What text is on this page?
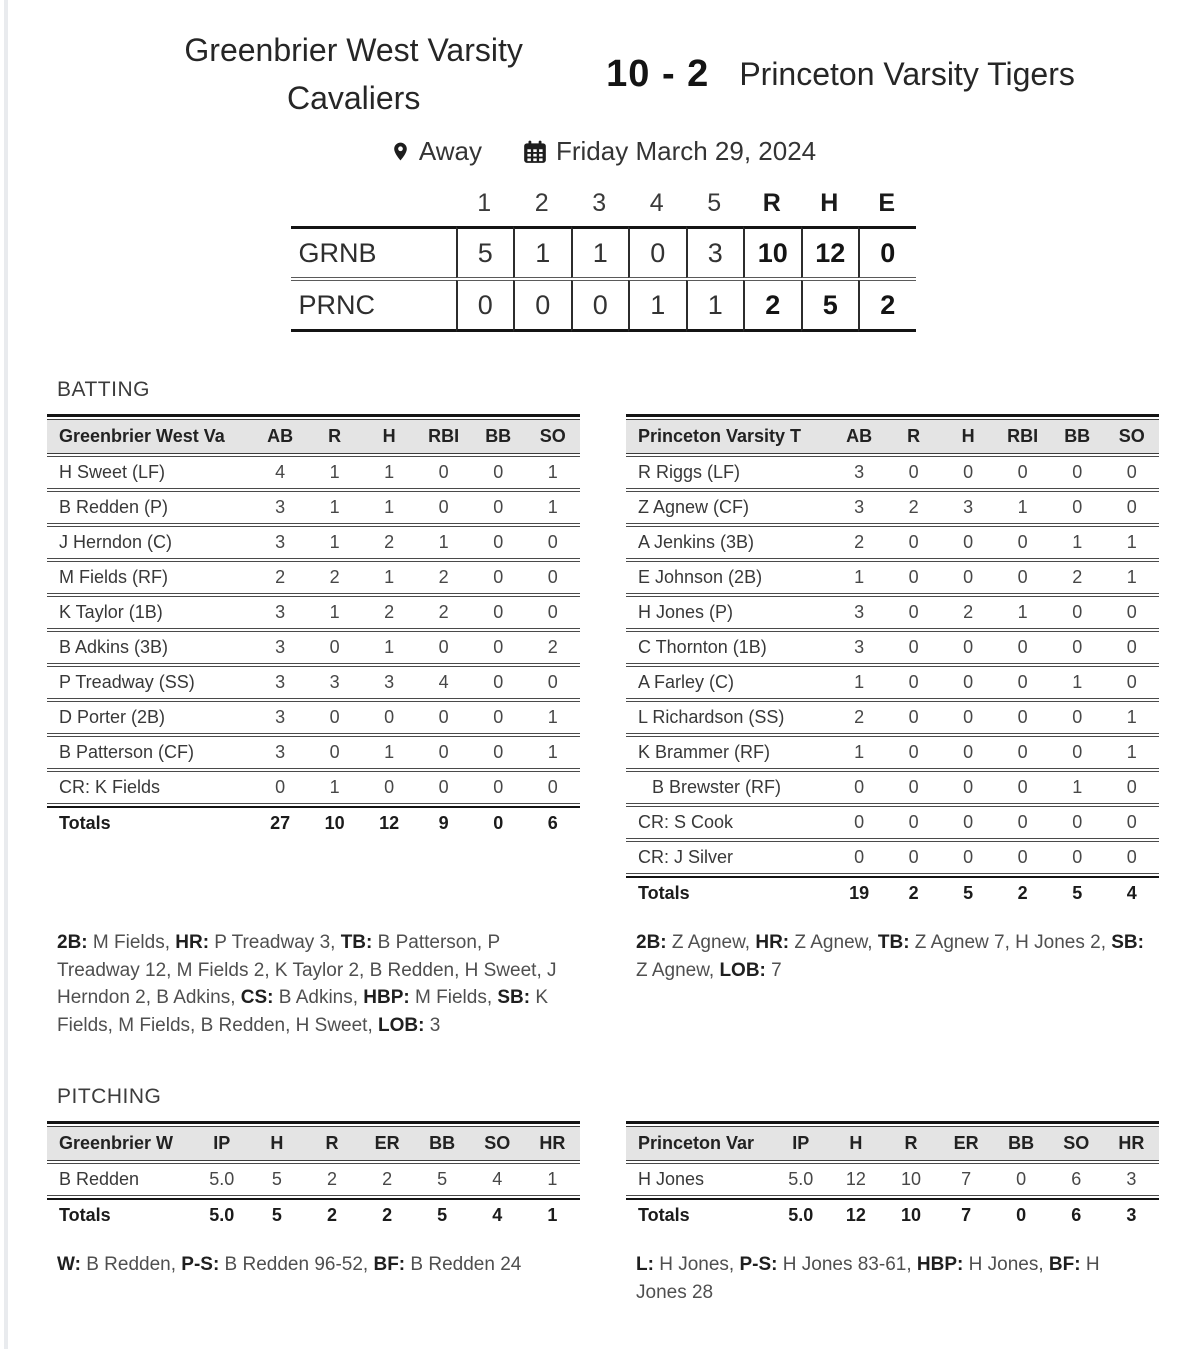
Greenbrier West Varsity Cavaliers
10 - 2 Princeton Varsity Tigers
Away	Friday March 29, 2024
	1	2	3	4	5	R	H	E
GRNB	5	1	1	0	3	10	12	0
PRNC	0	0	0	1	1	2	5	2
BATTING
Greenbrier West Va	AB	R	H	RBI	BB	SO
H Sweet (LF)	4	1	1	0	0	1
B Redden (P)	3	1	1	0	0	1
J Herndon (C)	3	1	2	1	0	0
M Fields (RF)	2	2	1	2	0	0
K Taylor (1B)	3	1	2	2	0	0
B Adkins (3B)	3	0	1	0	0	2
P Treadway (SS)	3	3	3	4	0	0
D Porter (2B)	3	0	0	0	0	1
B Patterson (CF)	3	0	1	0	0	1
CR: K Fields	0	1	0	0	0	0
Totals	27	10	12	9	0	6
Princeton Varsity T	AB	R	H	RBI	BB	SO
R Riggs (LF)	3	0	0	0	0	0
Z Agnew (CF)	3	2	3	1	0	0
A Jenkins (3B)	2	0	0	0	1	1
E Johnson (2B)	1	0	0	0	2	1
H Jones (P)	3	0	2	1	0	0
C Thornton (1B)	3	0	0	0	0	0
A Farley (C)	1	0	0	0	1	0
L Richardson (SS)	2	0	0	0	0	1
K Brammer (RF)	1	0	0	0	0	1
B Brewster (RF)	0	0	0	0	1	0
CR: S Cook	0	0	0	0	0	0
CR: J Silver	0	0	0	0	0	0
Totals	19	2	5	2	5	4

2B: M Fields, HR: P Treadway 3, TB: B Patterson, P Treadway 12, M Fields 2, K Taylor 2, B Redden, H Sweet, J Herndon 2, B Adkins, CS: B Adkins, HBP: M Fields, SB: K Fields, M Fields, B Redden, H Sweet, LOB: 3

2B: Z Agnew, HR: Z Agnew, TB: Z Agnew 7, H Jones 2, SB: Z Agnew, LOB: 7

PITCHING
Greenbrier W	IP	H	R	ER	BB	SO	HR
B Redden	5.0	5	2	2	5	4	1
Totals	5.0	5	2	2	5	4	1
Princeton Var	IP	H	R	ER	BB	SO	HR
H Jones	5.0	12	10	7	0	6	3
Totals	5.0	12	10	7	0	6	3

W: B Redden, P-S: B Redden 96-52, BF: B Redden 24	L: H Jones, P-S: H Jones 83-61, HBP: H Jones, BF: H Jones 28
